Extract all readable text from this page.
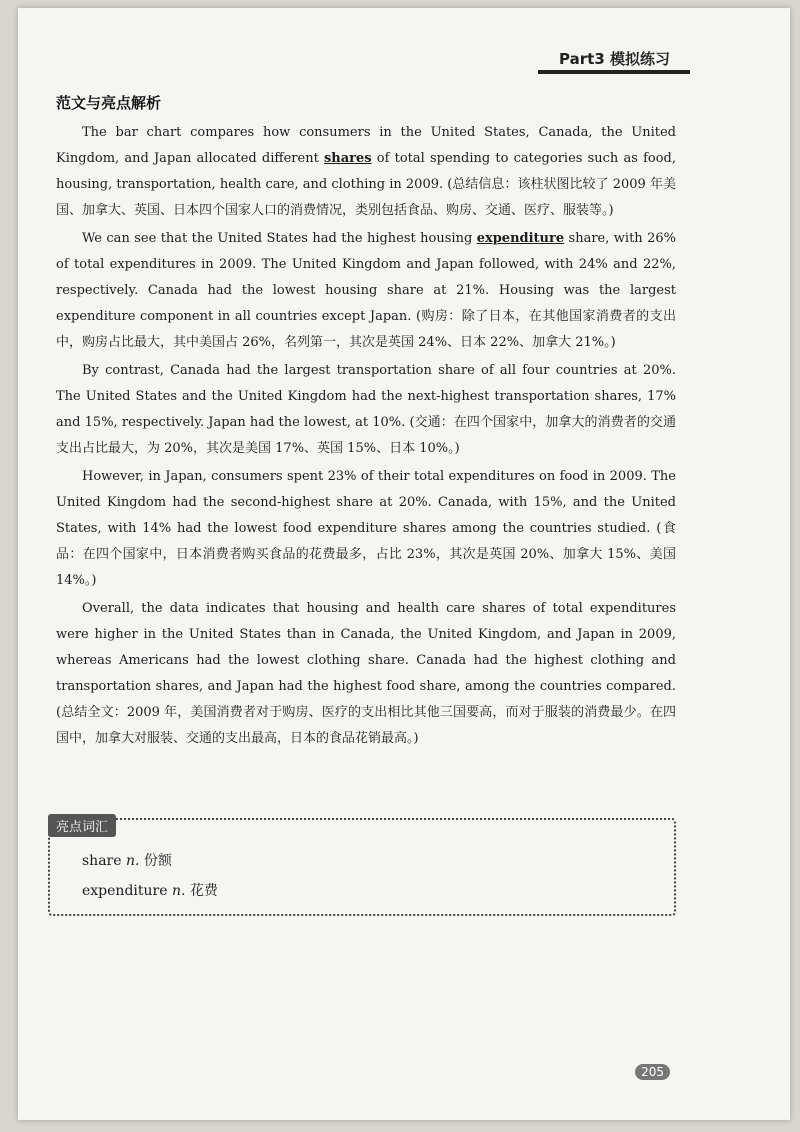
Part3 模拟练习
范文与亮点解析

The bar chart compares how consumers in the United States, Canada, the United Kingdom, and Japan allocated different shares of total spending to categories such as food, housing, transportation, health care, and clothing in 2009. (总结信息：该柱状图比较了 2009 年美国、加拿大、英国、日本四个国家人口的消费情况，类别包括食品、购房、交通、医疗、服装等。)

We can see that the United States had the highest housing expenditure share, with 26% of total expenditures in 2009. The United Kingdom and Japan followed, with 24% and 22%, respectively. Canada had the lowest housing share at 21%. Housing was the largest expenditure component in all countries except Japan. (购房：除了日本，在其他国家消费者的支出中，购房占比最大，其中美国占 26%，名列第一，其次是英国 24%、日本 22%、加拿大 21%。)

By contrast, Canada had the largest transportation share of all four countries at 20%. The United States and the United Kingdom had the next-highest transportation shares, 17% and 15%, respectively. Japan had the lowest, at 10%. (交通：在四个国家中，加拿大的消费者的交通支出占比最大，为 20%，其次是美国 17%、英国 15%、日本 10%。)

However, in Japan, consumers spent 23% of their total expenditures on food in 2009. The United Kingdom had the second-highest share at 20%. Canada, with 15%, and the United States, with 14% had the lowest food expenditure shares among the countries studied. (食品：在四个国家中，日本消费者购买食品的花费最多，占比 23%，其次是英国 20%、加拿大 15%、美国 14%。)

Overall, the data indicates that housing and health care shares of total expenditures were higher in the United States than in Canada, the United Kingdom, and Japan in 2009, whereas Americans had the lowest clothing share. Canada had the highest clothing and transportation shares, and Japan had the highest food share, among the countries compared. (总结全文：2009 年，美国消费者对于购房、医疗的支出相比其他三国要高，而对于服装的消费最少。在四国中，加拿大对服装、交通的支出最高，日本的食品花销最高。)

亮点词汇
share n. 份额
expenditure n. 花费
205
